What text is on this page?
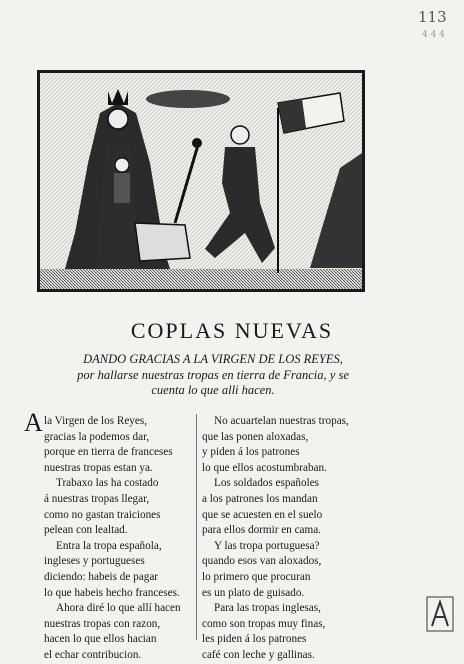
113
4 4 4
COPLAS NUEVAS
DANDO GRACIAS A LA VIRGEN DE LOS REYES,
por hallarse nuestras tropas en tierra de Francia, y se
cuenta lo que alli hacen.
A la Virgen de los Reyes,
gracias la podemos dar,
porque en tierra de franceses
nuestras tropas estan ya.
Trabaxo las ha costado
á nuestras tropas llegar,
como no gastan traiciones
pelean con lealtad.
Entra la tropa española,
ingleses y portugueses
diciendo: habeis de pagar
lo que habeis hecho franceses.
Ahora diré lo que allí hacen
nuestras tropas con razon,
hacen lo que ellos hacian
el echar contribucion.
No acuartelan nuestras tropas,
que las ponen aloxadas,
y piden á los patrones
lo que ellos acostumbraban.
Los soldados españoles
a los patrones los mandan
que se acuesten en el suelo
para ellos dormir en cama.
Y las tropa portuguesa?
quando esos van aloxados,
lo primero que procuran
es un plato de guisado.
Para las tropas inglesas,
como son tropas muy finas,
les piden á los patrones
café con leche y gallinas.
